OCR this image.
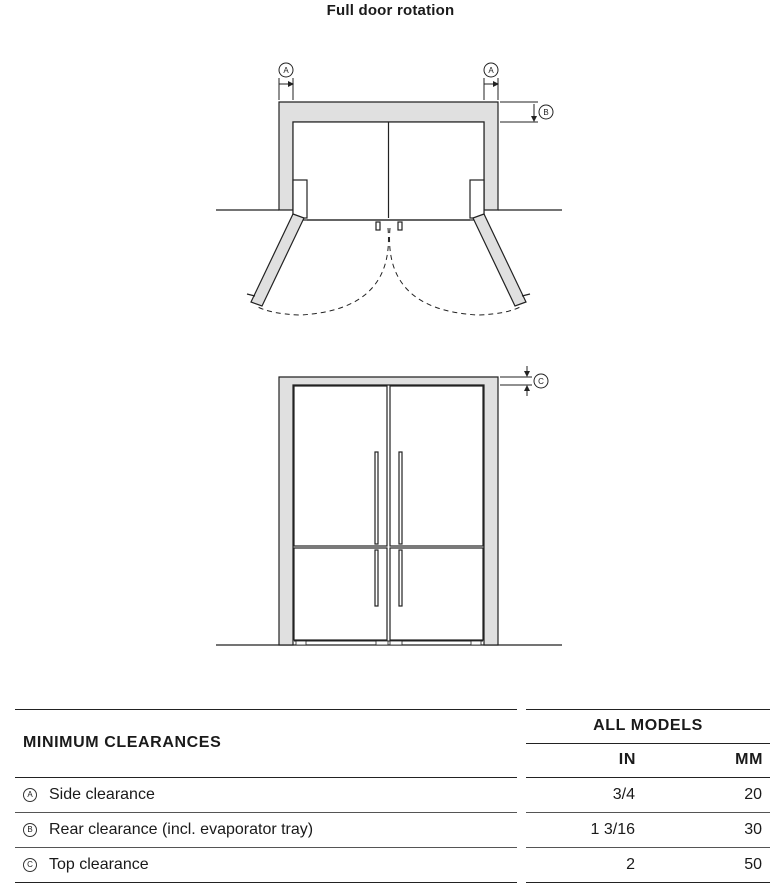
Full door rotation
A	A
B
C
MINIMUM CLEARANCES
ALL MODELS
IN	MM
A Side clearance	3/4	20
B Rear clearance (incl. evaporator tray)	1 3/16	30
C Top clearance	2	50
